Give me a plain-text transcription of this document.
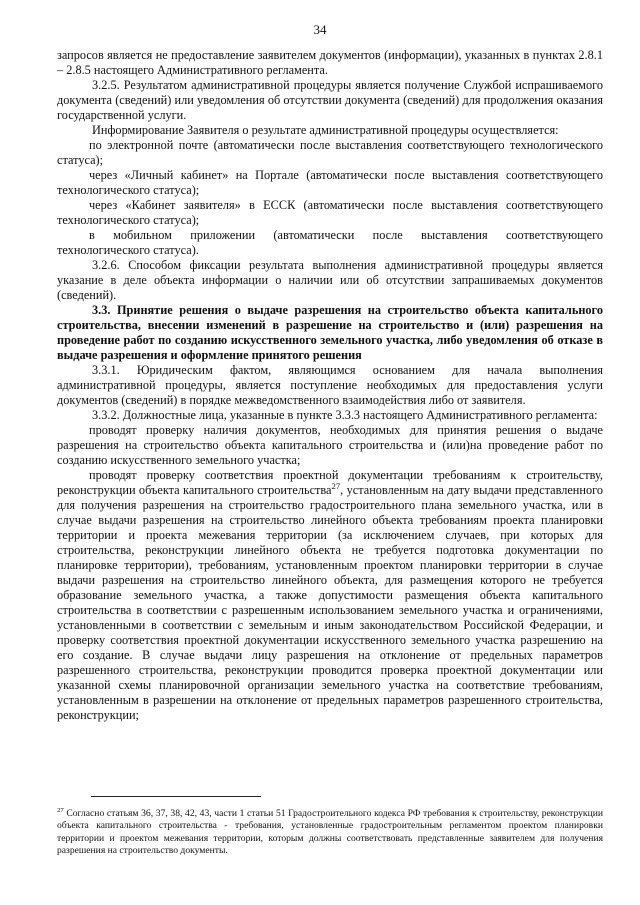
34

запросов является не предоставление заявителем документов (информации), указанных в пунктах 2.8.1 – 2.8.5 настоящего Административного регламента.

3.2.5. Результатом административной процедуры является получение Службой испрашиваемого документа (сведений) или уведомления об отсутствии документа (сведений) для продолжения оказания государственной услуги.

Информирование Заявителя о результате административной процедуры осуществляется:

по электронной почте (автоматически после выставления соответствующего технологического статуса);

через «Личный кабинет» на Портале (автоматически после выставления соответствующего технологического статуса);

через «Кабинет заявителя» в ЕССК (автоматически после выставления соответствующего технологического статуса);

в мобильном приложении (автоматически после выставления соответствующего технологического статуса).

3.2.6. Способом фиксации результата выполнения административной процедуры является указание в деле объекта информации о наличии или об отсутствии запрашиваемых документов (сведений).

3.3. Принятие решения о выдаче разрешения на строительство объекта капитального строительства, внесении изменений в разрешение на строительство и (или) разрешения на проведение работ по созданию искусственного земельного участка, либо уведомления об отказе в выдаче разрешения и оформление принятого решения

3.3.1. Юридическим фактом, являющимся основанием для начала выполнения административной процедуры, является поступление необходимых для предоставления услуги документов (сведений) в порядке межведомственного взаимодействия либо от заявителя.

3.3.2. Должностные лица, указанные в пункте 3.3.3 настоящего Административного регламента:

проводят проверку наличия документов, необходимых для принятия решения о выдаче разрешения на строительство объекта капитального строительства и (или)на проведение работ по созданию искусственного земельного участка;

проводят проверку соответствия проектной документации требованиям к строительству, реконструкции объекта капитального строительства$^{27}$, установленным на дату выдачи представленного для получения разрешения на строительство градостроительного плана земельного участка, или в случае выдачи разрешения на строительство линейного объекта требованиям проекта планировки территории и проекта межевания территории (за исключением случаев, при которых для строительства, реконструкции линейного объекта не требуется подготовка документации по планировке территории), требованиям, установленным проектом планировки территории в случае выдачи разрешения на строительство линейного объекта, для размещения которого не требуется образование земельного участка, а также допустимости размещения объекта капитального строительства в соответствии с разрешенным использованием земельного участка и ограничениями, установленными в соответствии с земельным и иным законодательством Российской Федерации, и проверку соответствия проектной документации искусственного земельного участка разрешению на его создание. В случае выдачи лицу разрешения на отклонение от предельных параметров разрешенного строительства, реконструкции проводится проверка проектной документации или указанной схемы планировочной организации земельного участка на соответствие требованиям, установленным в разрешении на отклонение от предельных параметров разрешенного строительства, реконструкции;

$^{27}$ Согласно статьям 36, 37, 38, 42, 43, части 1 статьи 51 Градостроительного кодекса РФ требования к строительству, реконструкции объекта капитального строительства - требования, установленные градостроительным регламентом проектом планировки территории и проектом межевания территории, которым должны соответствовать представленные заявителем для получения разрешения на строительство документы.
